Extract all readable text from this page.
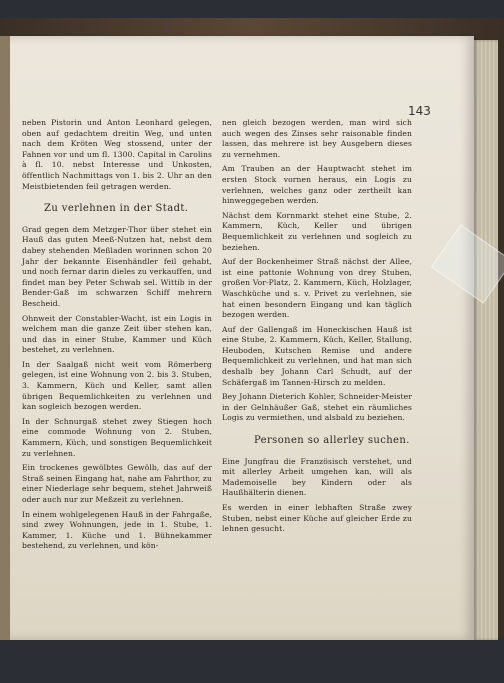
143

neben Pistorin und Anton Leonhard gelegen, oben auf gedachtem dreitin Weg, und unten nach dem Kröten Weg stossend, unter der Fahnen vor und um fl. 1300. Capital in Carolins à fl. 10. nebst Interesse und Unkosten, öffentlich Nachmittags von 1. bis 2. Uhr an den Meistbietenden feil getragen werden.

Zu verlehnen in der Stadt.

Grad gegen dem Metzger-Thor über stehet ein Hauß das guten Meeß-Nutzen hat, nebst dem dabey stehenden Meßladen worinnen schon 20 Jahr der bekannte Eisenhändler feil gehabt, und noch fernar darin dieles zu verkauffen, und findet man bey Peter Schwab sel. Wittib in der Bender-Gaß im schwarzen Schiff mehrern Bescheid.

Ohnweit der Constabler-Wacht, ist ein Logis in welchem man die ganze Zeit über stehen kan, und das in einer Stube, Kammer und Küch bestehet, zu verlehnen.

In der Saalgaß nicht weit vom Römerberg gelegen, ist eine Wohnung von 2. bis 3. Stuben, 3. Kammern, Küch und Keller, samt allen übrigen Bequemlichkeiten zu verlehnen und kan sogleich bezogen werden.

In der Schnurgaß stehet zwey Stiegen hoch eine commode Wohnung von 2. Stuben, Kammern, Küch, und sonstigen Bequemlichkeit zu verlehnen.

Ein trockenes gewölbtes Gewölb, das auf der Straß seinen Eingang hat, nahe am Fahrthor, zu einer Niederlage sehr bequem, stehet Jahrweiß oder auch nur zur Meßzeit zu verlehnen.

In einem wohlgelegenen Hauß in der Fahrgaße, sind zwey Wohnungen, jede in 1. Stube, 1. Kammer, 1. Küche und 1. Bühnekammer bestehend, zu verlehnen, und kön-

nen gleich bezogen werden, man wird sich auch wegen des Zinses sehr raisonable finden lassen, das mehrere ist bey Ausgebern dieses zu vernehmen.

Am Trauben an der Hauptwacht stehet im ersten Stock vornen heraus, ein Logis zu verlehnen, welches ganz oder zertheilt kan hinweggegeben werden.

Nächst dem Kornmarkt stehet eine Stube, 2. Kammern, Küch, Keller und übrigen Bequemlichkeit zu verlehnen und sogleich zu beziehen.

Auf der Bockenheimer Straß nächst der Allee, ist eine pattonie Wohnung von drey Stuben, großen Vor-Platz, 2. Kammern, Küch, Holzlager, Waschküche und s. v. Privet zu verlehnen, sie hat einen besondern Eingang und kan täglich bezogen werden.

Auf der Gallengaß im Honeckischen Hauß ist eine Stube, 2. Kammern, Küch, Keller, Stallung, Heuboden, Kutschen Remise und andere Bequemlichkeit zu verlehnen, und hat man sich deshalb bey Johann Carl Schudt, auf der Schäfergaß im Tannen-Hirsch zu melden.

Bey Johann Dieterich Kohler, Schneider-Meister in der Gelnhäußer Gaß, stehet ein räumliches Logis zu vermiethen, und alsbald zu beziehen.

Personen so allerley suchen.

Eine Jungfrau die Französisch verstehet, und mit allerley Arbeit umgehen kan, will als Mademoiselle bey Kindern oder als Haußhälterin dienen.

Es werden in einer lebhaften Straße zwey Stuben, nebst einer Küche auf gleicher Erde zu lehnen gesucht.
